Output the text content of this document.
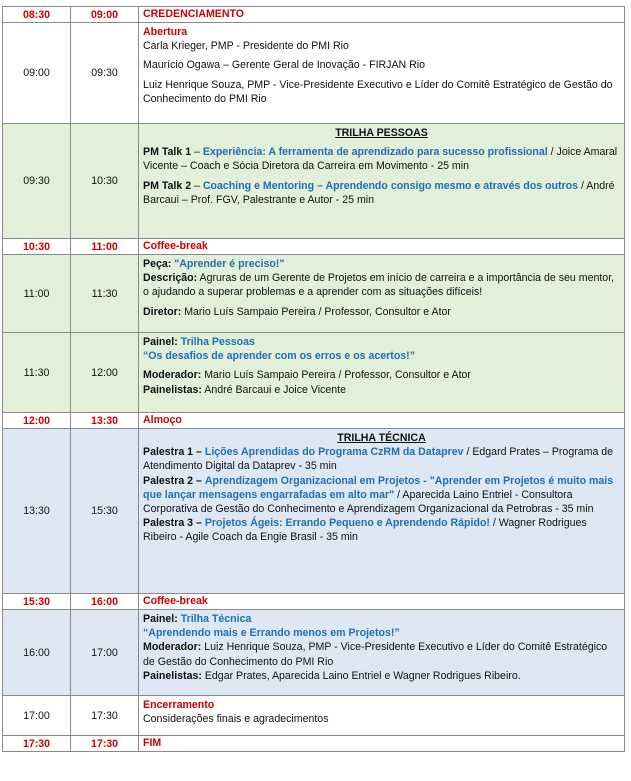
08:30	09:00	CREDENCIAMENTO
09:00	09:30	Abertura

Carla Krieger, PMP - Presidente do PMI Rio

Maurício Ogawa – Gerente Geral de Inovação - FIRJAN Rio

Luiz Henrique Souza, PMP - Vice-Presidente Executivo e Líder do Comitê Estratégico de Gestão do Conhecimento do PMI Rio

09:30	10:30	TRILHA PESSOAS

PM Talk 1 – Experiência: A ferramenta de aprendizado para sucesso profissional / Joice Amaral Vicente – Coach e Sócia Diretora da Carreira em Movimento - 25 min

PM Talk 2 – Coaching e Mentoring – Aprendendo consigo mesmo e através dos outros / André Barcaui – Prof. FGV, Palestrante e Autor - 25 min

10:30	11:00	Coffee-break
11:00	11:30	Peça: "Aprender é preciso!"

Descrição: Agruras de um Gerente de Projetos em início de carreira e a importância de seu mentor, o ajudando a superar problemas e a aprender com as situações difíceis!

Diretor: Mario Luís Sampaio Pereira / Professor, Consultor e Ator

11:30	12:00	Painel: Trilha Pessoas

“Os desafios de aprender com os erros e os acertos!”

Moderador: Mario Luís Sampaio Pereira / Professor, Consultor e Ator

Painelistas: André Barcaui e Joice Vicente

12:00	13:30	Almoço
13:30	15:30	TRILHA TÉCNICA

Palestra 1 – Lições Aprendidas do Programa CzRM da Dataprev / Edgard Prates – Programa de Atendimento Digital da Dataprev - 35 min

Palestra 2 – Aprendizagem Organizacional em Projetos - "Aprender em Projetos é muito mais que lançar mensagens engarrafadas em alto mar" / Aparecida Laino Entriel - Consultora Corporativa de Gestão do Conhecimento e Aprendizagem Organizacional da Petrobras - 35 min

Palestra 3 – Projetos Ágeis: Errando Pequeno e Aprendendo Rápido! / Wagner Rodrigues Ribeiro - Agile Coach da Engie Brasil - 35 min

15:30	16:00	Coffee-break
16:00	17:00	Painel: Trilha Técnica

“Aprendendo mais e Errando menos em Projetos!”

Moderador: Luiz Henrique Souza, PMP - Vice-Presidente Executivo e Líder do Comitê Estratégico de Gestão do Conhecimento do PMI Rio

Painelistas: Edgar Prates, Aparecida Laino Entriel e Wagner Rodrigues Ribeiro.

17:00	17:30	Encerramento

Considerações finais e agradecimentos

17:30	17:30	FIM
